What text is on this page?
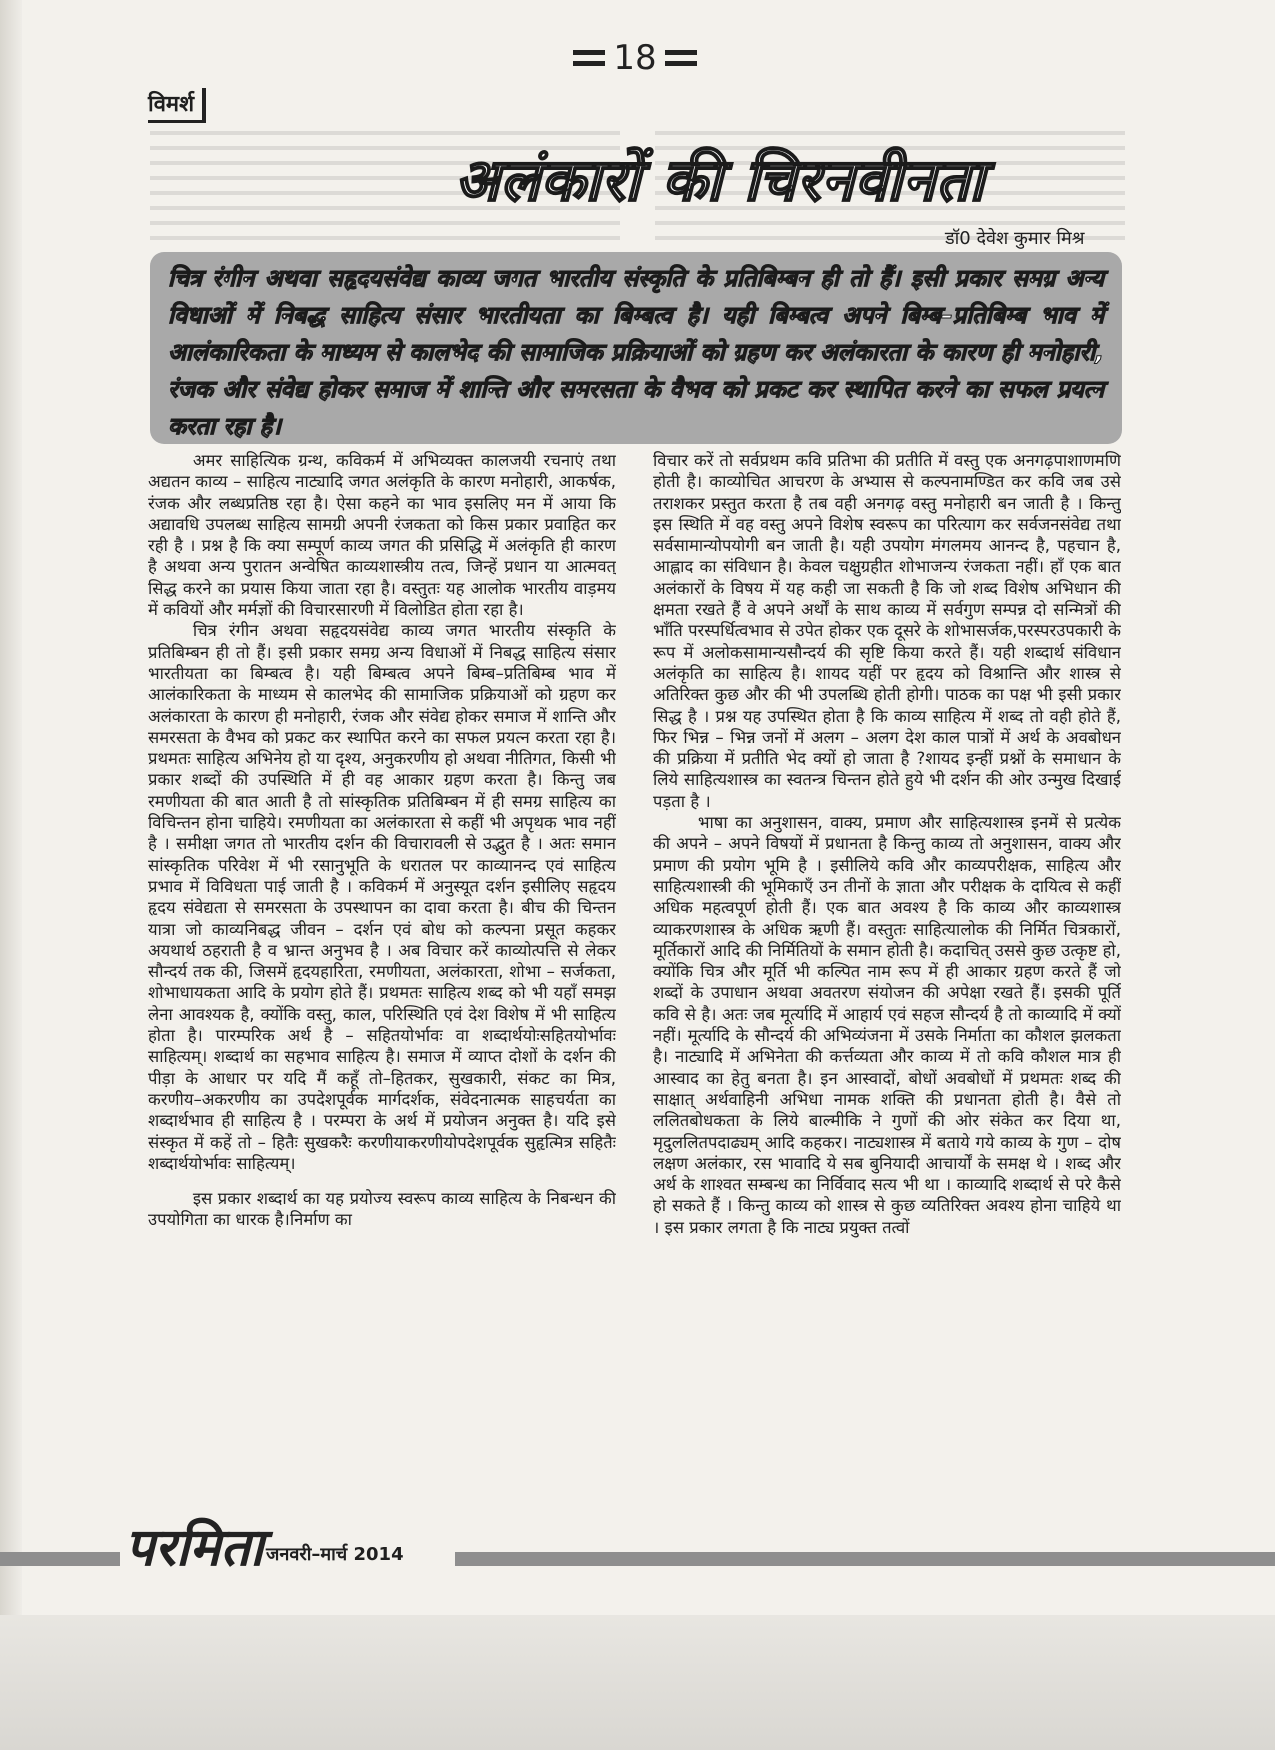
18
विमर्श
अलंकारों की चिरनवीनता
डॉ0 देवेश कुमार मिश्र
चित्र रंगीन अथवा सहृदयसंवेद्य काव्य जगत भारतीय संस्कृति के प्रतिबिम्बन ही तो हैं। इसी प्रकार समग्र अन्य विधाओं में निबद्ध साहित्य संसार भारतीयता का बिम्बत्व है। यही बिम्बत्व अपने बिम्ब–प्रतिबिम्ब भाव में आलंकारिकता के माध्यम से कालभेद की सामाजिक प्रक्रियाओं को ग्रहण कर अलंकारता के कारण ही मनोहारी, रंजक और संवेद्य होकर समाज में शान्ति और समरसता के वैभव को प्रकट कर स्थापित करने का सफल प्रयत्न करता रहा है।

अमर साहित्यिक ग्रन्थ, कविकर्म में अभिव्यक्त कालजयी रचनाएं तथा अद्यतन काव्य – साहित्य नाट्यादि जगत अलंकृति के कारण मनोहारी, आकर्षक, रंजक और लब्धप्रतिष्ठ रहा है। ऐसा कहने का भाव इसलिए मन में आया कि अद्यावधि उपलब्ध साहित्य सामग्री अपनी रंजकता को किस प्रकार प्रवाहित कर रही है । प्रश्न है कि क्या सम्पूर्ण काव्य जगत की प्रसिद्धि में अलंकृति ही कारण है अथवा अन्य पुरातन अन्वेषित काव्यशास्त्रीय तत्व, जिन्हें प्रधान या आत्मवत् सिद्ध करने का प्रयास किया जाता रहा है। वस्तुतः यह आलोक भारतीय वाड़मय में कवियों और मर्मज्ञों की विचारसारणी में विलोडित होता रहा है।

चित्र रंगीन अथवा सहृदयसंवेद्य काव्य जगत भारतीय संस्कृति के प्रतिबिम्बन ही तो हैं। इसी प्रकार समग्र अन्य विधाओं में निबद्ध साहित्य संसार भारतीयता का बिम्बत्व है। यही बिम्बत्व अपने बिम्ब–प्रतिबिम्ब भाव में आलंकारिकता के माध्यम से कालभेद की सामाजिक प्रक्रियाओं को ग्रहण कर अलंकारता के कारण ही मनोहारी, रंजक और संवेद्य होकर समाज में शान्ति और समरसता के वैभव को प्रकट कर स्थापित करने का सफल प्रयत्न करता रहा है। प्रथमतः साहित्य अभिनेय हो या दृश्य, अनुकरणीय हो अथवा नीतिगत, किसी भी प्रकार शब्दों की उपस्थिति में ही वह आकार ग्रहण करता है। किन्तु जब रमणीयता की बात आती है तो सांस्कृतिक प्रतिबिम्बन में ही समग्र साहित्य का विचिन्तन होना चाहिये। रमणीयता का अलंकारता से कहीं भी अपृथक भाव नहीं है । समीक्षा जगत तो भारतीय दर्शन की विचारावली से उद्भुत है । अतः समान सांस्कृतिक परिवेश में भी रसानुभूति के धरातल पर काव्यानन्द एवं साहित्य प्रभाव में विविधता पाई जाती है । कविकर्म में अनुस्यूत दर्शन इसीलिए सहृदय हृदय संवेद्यता से समरसता के उपस्थापन का दावा करता है। बीच की चिन्तन यात्रा जो काव्यनिबद्ध जीवन – दर्शन एवं बोध को कल्पना प्रसूत कहकर अयथार्थ ठहराती है व भ्रान्त अनुभव है । अब विचार करें काव्योत्पत्ति से लेकर सौन्दर्य तक की, जिसमें हृदयहारिता, रमणीयता, अलंकारता, शोभा – सर्जकता, शोभाधायकता आदि के प्रयोग होते हैं। प्रथमतः साहित्य शब्द को भी यहाँ समझ लेना आवश्यक है, क्योंकि वस्तु, काल, परिस्थिति एवं देश विशेष में भी साहित्य होता है। पारम्परिक अर्थ है – सहितयोर्भावः वा शब्दार्थयोःसहितयोर्भावः साहित्यम्। शब्दार्थ का सहभाव साहित्य है। समाज में व्याप्त दोशों के दर्शन की पीड़ा के आधार पर यदि मैं कहूँ तो–हितकर, सुखकारी, संकट का मित्र, करणीय–अकरणीय का उपदेशपूर्वक मार्गदर्शक, संवेदनात्मक साहचर्यता का शब्दार्थभाव ही साहित्य है । परम्परा के अर्थ में प्रयोजन अनुक्त है। यदि इसे संस्कृत में कहें तो – हितैः सुखकरैः करणीयाकरणीयोपदेशपूर्वक सुहृत्मित्र सहितैः शब्दार्थयोर्भावः साहित्यम्।

इस प्रकार शब्दार्थ का यह प्रयोज्य स्वरूप काव्य साहित्य के निबन्धन की उपयोगिता का धारक है।निर्माण का

विचार करें तो सर्वप्रथम कवि प्रतिभा की प्रतीति में वस्तु एक अनगढ़पाशाणमणि होती है। काव्योचित आचरण के अभ्यास से कल्पनामण्डित कर कवि जब उसे तराशकर प्रस्तुत करता है तब वही अनगढ़ वस्तु मनोहारी बन जाती है । किन्तु इस स्थिति में वह वस्तु अपने विशेष स्वरूप का परित्याग कर सर्वजनसंवेद्य तथा सर्वसामान्योपयोगी बन जाती है। यही उपयोग मंगलमय आनन्द है, पहचान है, आह्लाद का संविधान है। केवल चक्षुग्रहीत शोभाजन्य रंजकता नहीं। हाँ एक बात अलंकारों के विषय में यह कही जा सकती है कि जो शब्द विशेष अभिधान की क्षमता रखते हैं वे अपने अर्थों के साथ काव्य में सर्वगुण सम्पन्न दो सन्मित्रों की भाँति परस्पर्धित्वभाव से उपेत होकर एक दूसरे के शोभासर्जक,परस्परउपकारी के रूप में अलोकसामान्यसौन्दर्य की सृष्टि किया करते हैं। यही शब्दार्थ संविधान अलंकृति का साहित्य है। शायद यहीं पर हृदय को विश्रान्ति और शास्त्र से अतिरिक्त कुछ और की भी उपलब्धि होती होगी। पाठक का पक्ष भी इसी प्रकार सिद्ध है । प्रश्न यह उपस्थित होता है कि काव्य साहित्य में शब्द तो वही होते हैं, फिर भिन्न – भिन्न जनों में अलग – अलग देश काल पात्रों में अर्थ के अवबोधन की प्रक्रिया में प्रतीति भेद क्यों हो जाता है ?शायद इन्हीं प्रश्नों के समाधान के लिये साहित्यशास्त्र का स्वतन्त्र चिन्तन होते हुये भी दर्शन की ओर उन्मुख दिखाई पड़ता है ।

भाषा का अनुशासन, वाक्य, प्रमाण और साहित्यशास्त्र इनमें से प्रत्येक की अपने – अपने विषयों में प्रधानता है किन्तु काव्य तो अनुशासन, वाक्य और प्रमाण की प्रयोग भूमि है । इसीलिये कवि और काव्यपरीक्षक, साहित्य और साहित्यशास्त्री की भूमिकाएँ उन तीनों के ज्ञाता और परीक्षक के दायित्व से कहीं अधिक महत्वपूर्ण होती हैं। एक बात अवश्य है कि काव्य और काव्यशास्त्र व्याकरणशास्त्र के अधिक ऋणी हैं। वस्तुतः साहित्यालोक की निर्मित चित्रकारों, मूर्तिकारों आदि की निर्मितियों के समान होती है। कदाचित् उससे कुछ उत्कृष्ट हो, क्योंकि चित्र और मूर्ति भी कल्पित नाम रूप में ही आकार ग्रहण करते हैं जो शब्दों के उपाधान अथवा अवतरण संयोजन की अपेक्षा रखते हैं। इसकी पूर्ति कवि से है। अतः जब मूर्त्यादि में आहार्य एवं सहज सौन्दर्य है तो काव्यादि में क्यों नहीं। मूर्त्यादि के सौन्दर्य की अभिव्यंजना में उसके निर्माता का कौशल झलकता है। नाट्यादि में अभिनेता की कर्त्तव्यता और काव्य में तो कवि कौशल मात्र ही आस्वाद का हेतु बनता है। इन आस्वादों, बोधों अवबोधों में प्रथमतः शब्द की साक्षात् अर्थवाहिनी अभिधा नामक शक्ति की प्रधानता होती है। वैसे तो ललितबोधकता के लिये बाल्मीकि ने गुणों की ओर संकेत कर दिया था, मृदुललितपदाढ्यम् आदि कहकर। नाट्यशास्त्र में बताये गये काव्य के गुण – दोष लक्षण अलंकार, रस भावादि ये सब बुनियादी आचार्यों के समक्ष थे । शब्द और अर्थ के शाश्वत सम्बन्ध का निर्विवाद सत्य भी था । काव्यादि शब्दार्थ से परे कैसे हो सकते हैं । किन्तु काव्य को शास्त्र से कुछ व्यतिरिक्त अवश्य होना चाहिये था । इस प्रकार लगता है कि नाट्य प्रयुक्त तत्वों

परमिता जनवरी–मार्च 2014
